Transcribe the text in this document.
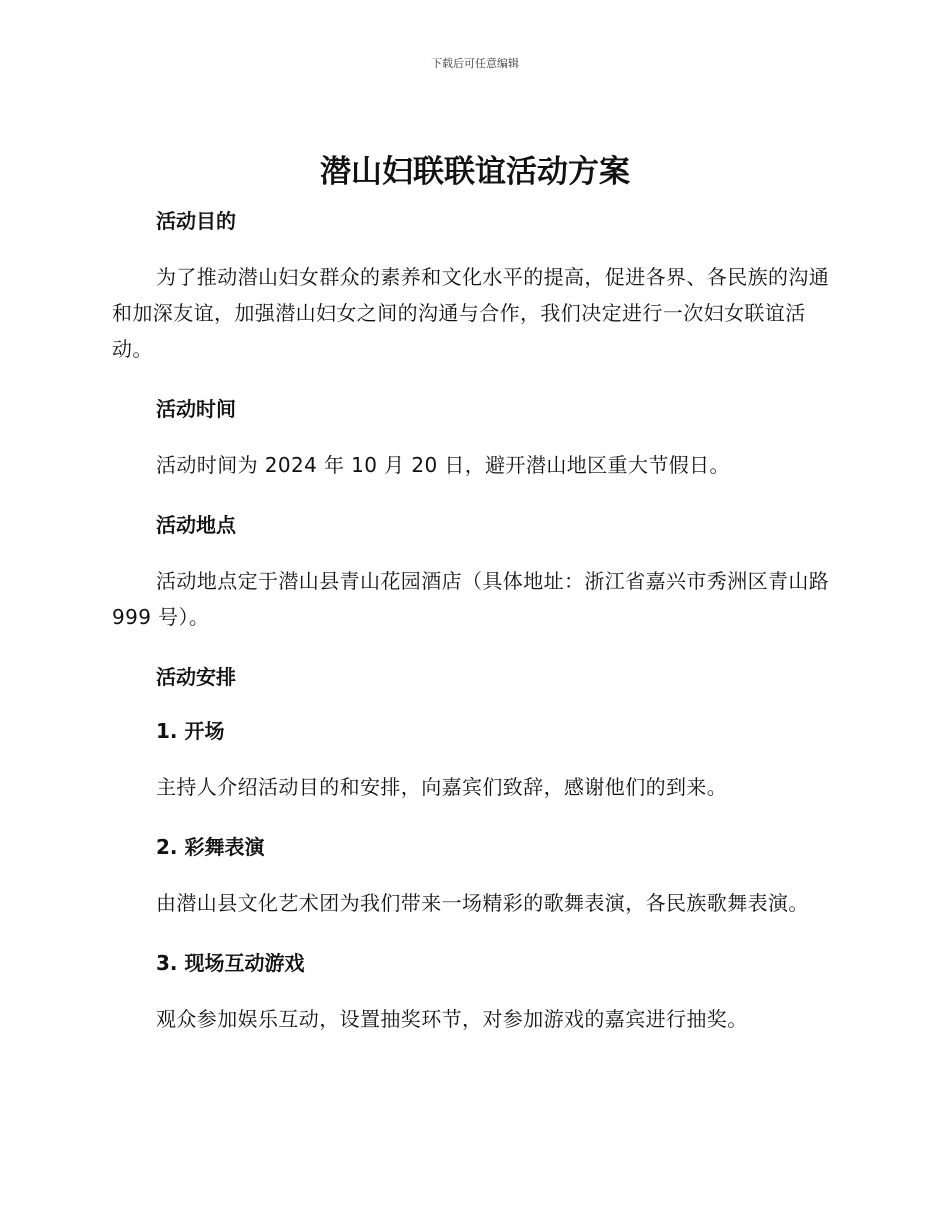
下载后可任意编辑
潜山妇联联谊活动方案
活动目的

为了推动潜山妇女群众的素养和文化水平的提高，促进各界、各民族的沟通和加深友谊，加强潜山妇女之间的沟通与合作，我们决定进行一次妇女联谊活动。

活动时间

活动时间为 2024 年 10 月 20 日，避开潜山地区重大节假日。

活动地点

活动地点定于潜山县青山花园酒店（具体地址：浙江省嘉兴市秀洲区青山路 999 号）。

活动安排
1. 开场

主持人介绍活动目的和安排，向嘉宾们致辞，感谢他们的到来。

2. 彩舞表演

由潜山县文化艺术团为我们带来一场精彩的歌舞表演，各民族歌舞表演。

3. 现场互动游戏

观众参加娱乐互动，设置抽奖环节，对参加游戏的嘉宾进行抽奖。
